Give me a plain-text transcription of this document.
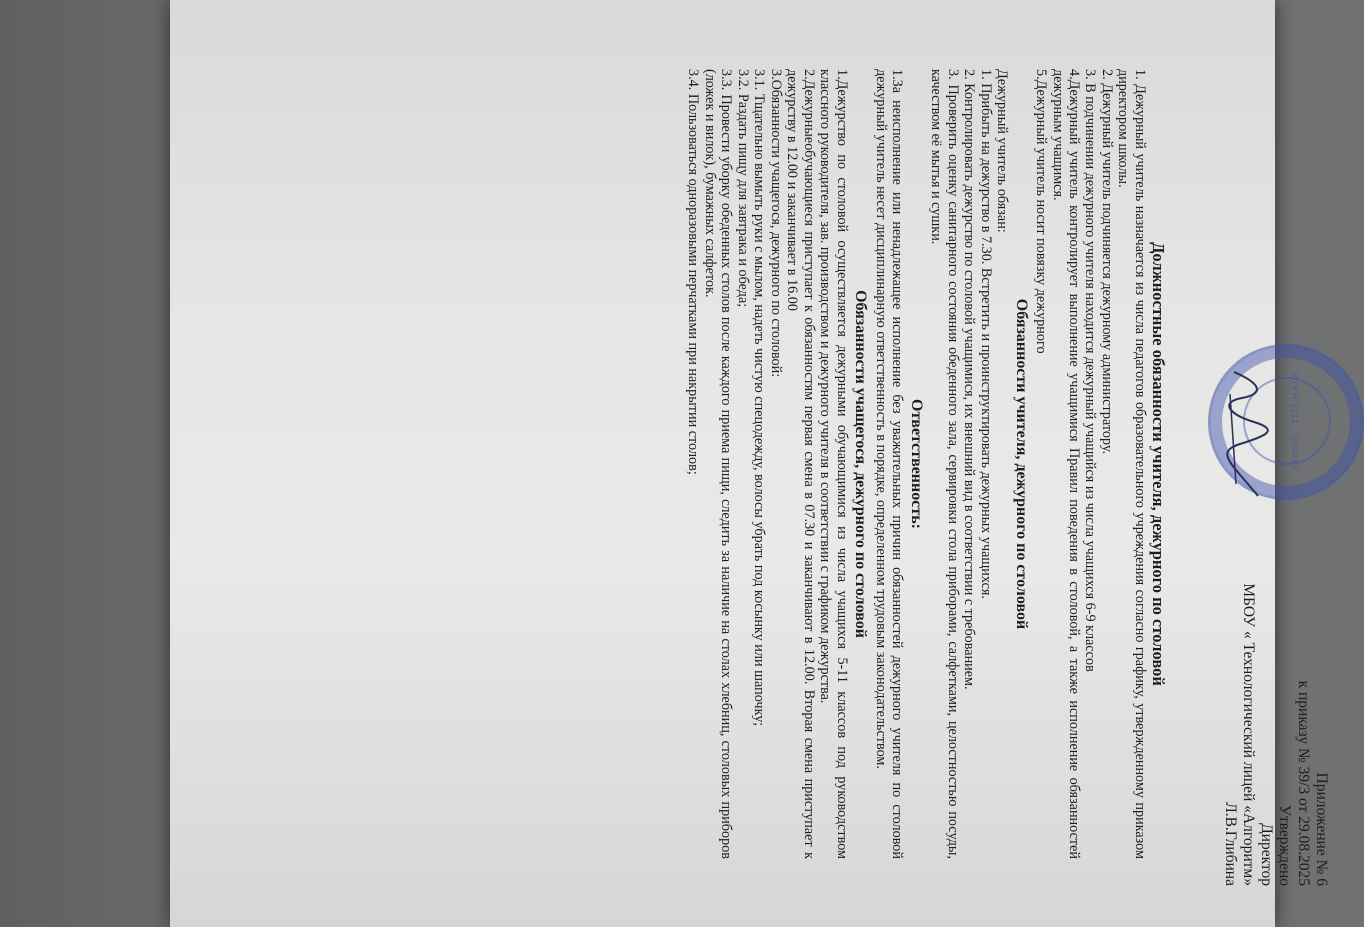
Приложение № 6

к приказу № 39/3 от 29.08.2025

Утверждено

Директор

МБОУ « Технологический лицей «Алгоритм»

Л.В.Глибина

ОГРН 1211... 000243

Должностные обязанности учителя, дежурного по столовой

1. Дежурный учитель назначается из числа педагогов образовательного учреждения согласно графику, утвержденному приказом директором школы.

2. Дежурный учитель подчиняется дежурному администратору.

3. В подчинении дежурного учителя находится дежурный учащийся из числа учащихся 6-9 классов

4.Дежурный учитель контролирует выполнение учащимися Правил поведения в столовой, а также исполнение обязанностей дежурным учащимся.

5.Дежурный учитель носит повязку дежурного

Обязанности учителя, дежурного по столовой

Дежурный учитель обязан:

1. Прибыть на дежурство в 7.30. Встретить и проинструктировать дежурных учащихся.

2. Контролировать дежурство по столовой учащимися, их внешний вид в соответствии с требованием.

3. Проверить оценку санитарного состояния обеденного зала, сервировки стола приборами, салфетками, целостностью посуды, качеством её мытья и сушки.

Ответственность:

1.За неисполнение или ненадлежащее исполнение без уважительных причин обязанностей дежурного учителя по столовой дежурный учитель несет дисциплинарную ответственность в порядке, определенном трудовым законодательством.

Обязанности учащегося, дежурного по столовой

1.Дежурство по столовой осуществляется дежурными обучающимися из числа учащихся 5-11 классов под руководством классного руководителя, зав. производством и дежурного учителя в соответствии с графиком дежурства.

2.Дежурныеобучающиеся приступает к обязанностям первая смена в 07.30 и заканчивают в 12.00. Вторая смена приступает к дежурству в 12.00 и заканчивает в 16.00

3.Обязанности учащегося, дежурного по столовой:

3.1. Тщательно вымыть руки с мылом, надеть чистую спецодежду, волосы убрать под косынку или шапочку;

3.2. Раздать пищу для завтрака и обеда;

3.3. Провести уборку обеденных столов после каждого приема пищи, следить за наличие на столах хлебниц, столовых приборов (ложек и вилок), бумажных салфеток.

3.4. Пользоваться одноразовыми перчатками при накрытии столов;
